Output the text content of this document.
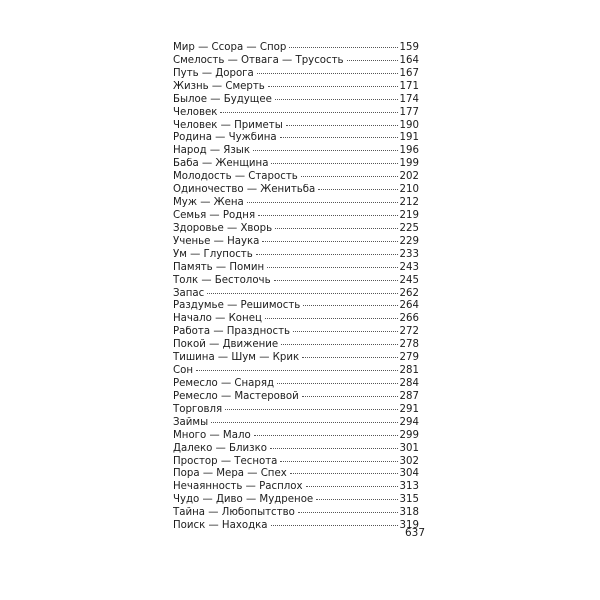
Мир — Ссора — Спор	159
Смелость — Отвага — Трусость	164
Путь — Дорога	167
Жизнь — Смерть	171
Былое — Будущее	174
Человек	177
Человек — Приметы	190
Родина — Чужбина	191
Народ — Язык	196
Баба — Женщина	199
Молодость — Старость	202
Одиночество — Женитьба	210
Муж — Жена	212
Семья — Родня	219
Здоровье — Хворь	225
Ученье — Наука	229
Ум — Глупость	233
Память — Помин	243
Толк — Бестолочь	245
Запас	262
Раздумье — Решимость	264
Начало — Конец	266
Работа — Праздность	272
Покой — Движение	278
Тишина — Шум — Крик	279
Сон	281
Ремесло — Снаряд	284
Ремесло — Мастеровой	287
Торговля	291
Займы	294
Много — Мало	299
Далеко — Близко	301
Простор — Теснота	302
Пора — Мера — Спех	304
Нечаянность — Расплох	313
Чудо — Диво — Мудреное	315
Тайна — Любопытство	318
Поиск — Находка	319
637
